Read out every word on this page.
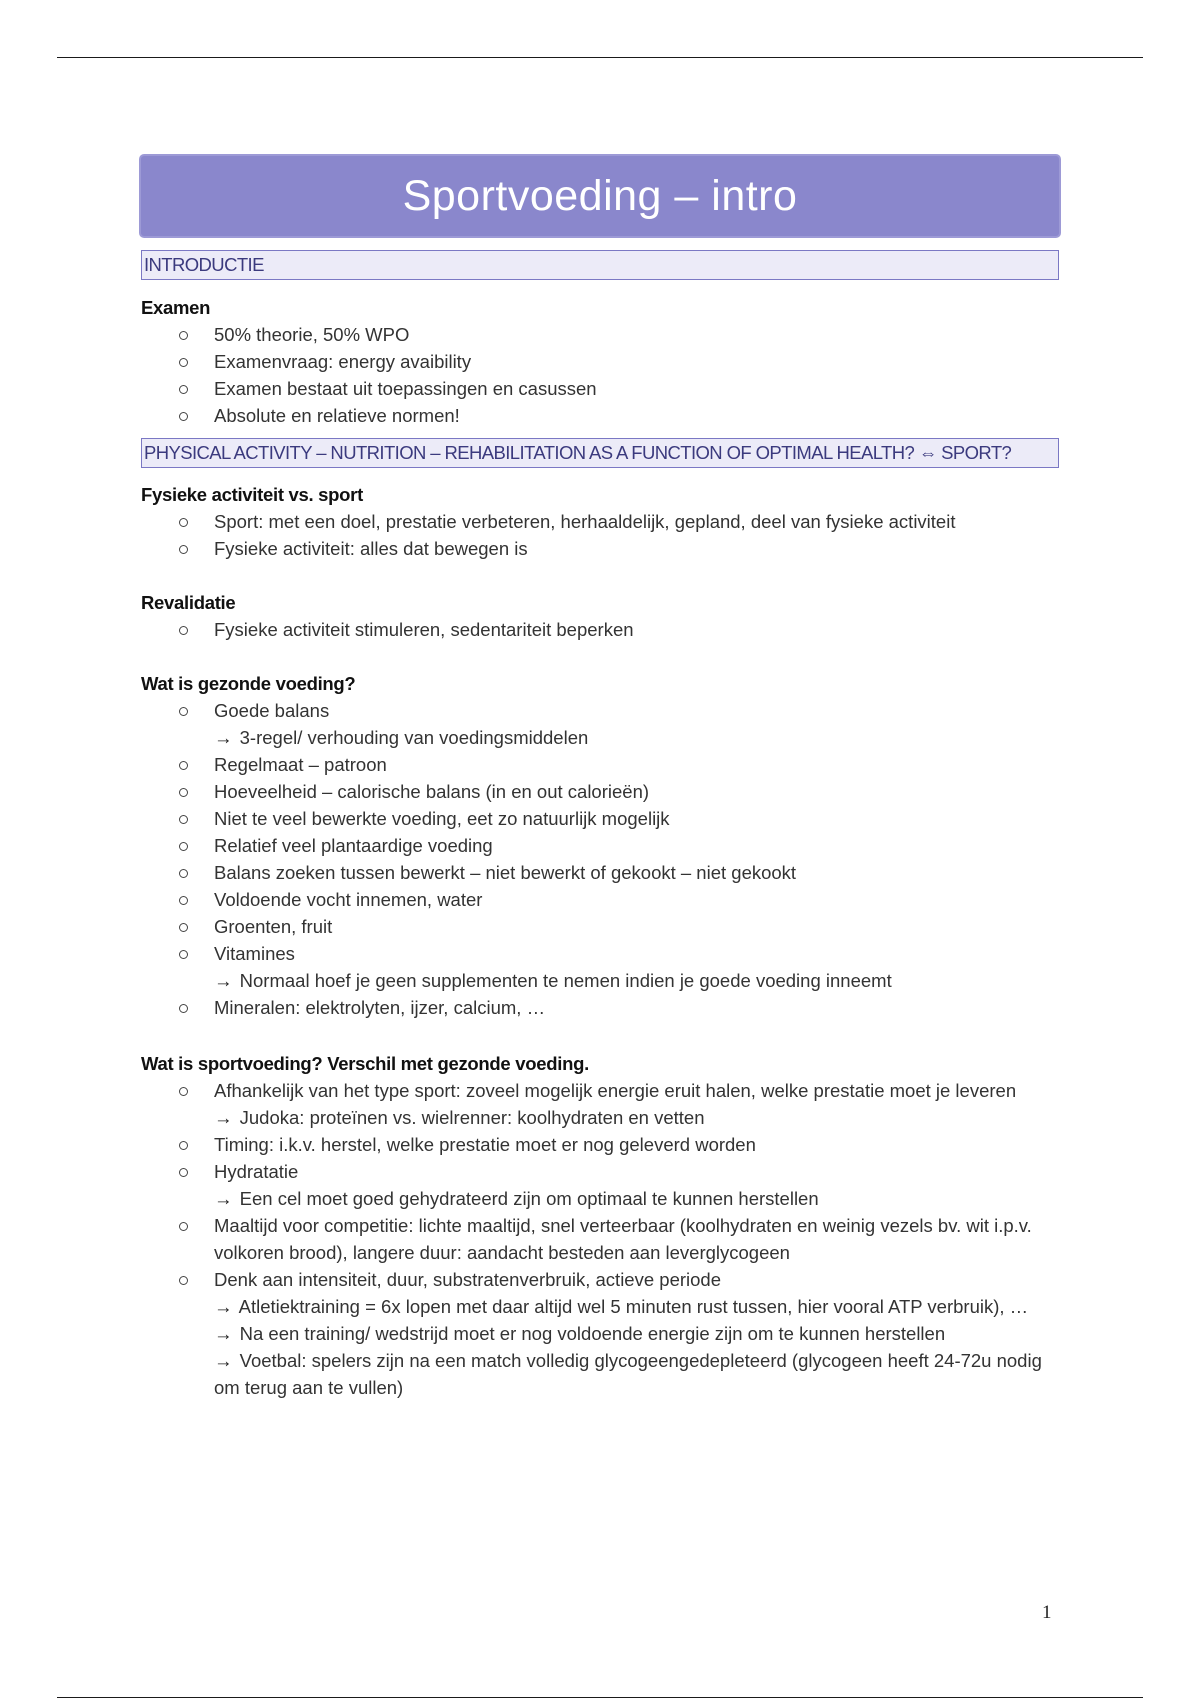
Sportvoeding – intro
INTRODUCTIE

Examen

50% theorie, 50% WPO
Examenvraag: energy avaibility
Examen bestaat uit toepassingen en casussen
Absolute en relatieve normen!
PHYSICAL ACTIVITY – NUTRITION – REHABILITATION AS A FUNCTION OF OPTIMAL HEALTH? ⇔ SPORT?

Fysieke activiteit vs. sport

Sport: met een doel, prestatie verbeteren, herhaaldelijk, gepland, deel van fysieke activiteit
Fysieke activiteit: alles dat bewegen is

Revalidatie

Fysieke activiteit stimuleren, sedentariteit beperken

Wat is gezonde voeding?

Goede balans
→ 3-regel/ verhouding van voedingsmiddelen
Regelmaat – patroon
Hoeveelheid – calorische balans (in en out calorieën)
Niet te veel bewerkte voeding, eet zo natuurlijk mogelijk
Relatief veel plantaardige voeding
Balans zoeken tussen bewerkt – niet bewerkt of gekookt – niet gekookt
Voldoende vocht innemen, water
Groenten, fruit
Vitamines
→ Normaal hoef je geen supplementen te nemen indien je goede voeding inneemt
Mineralen: elektrolyten, ijzer, calcium, …

Wat is sportvoeding? Verschil met gezonde voeding.

Afhankelijk van het type sport: zoveel mogelijk energie eruit halen, welke prestatie moet je leveren
→ Judoka: proteïnen vs. wielrenner: koolhydraten en vetten
Timing: i.k.v. herstel, welke prestatie moet er nog geleverd worden
Hydratatie
→ Een cel moet goed gehydrateerd zijn om optimaal te kunnen herstellen
Maaltijd voor competitie: lichte maaltijd, snel verteerbaar (koolhydraten en weinig vezels bv. wit i.p.v. volkoren brood), langere duur: aandacht besteden aan leverglycogeen
Denk aan intensiteit, duur, substratenverbruik, actieve periode
→ Atletiektraining = 6x lopen met daar altijd wel 5 minuten rust tussen, hier vooral ATP verbruik), …
→ Na een training/ wedstrijd moet er nog voldoende energie zijn om te kunnen herstellen
→ Voetbal: spelers zijn na een match volledig glycogeengedepleteerd (glycogeen heeft 24-72u nodig om terug aan te vullen)
1
